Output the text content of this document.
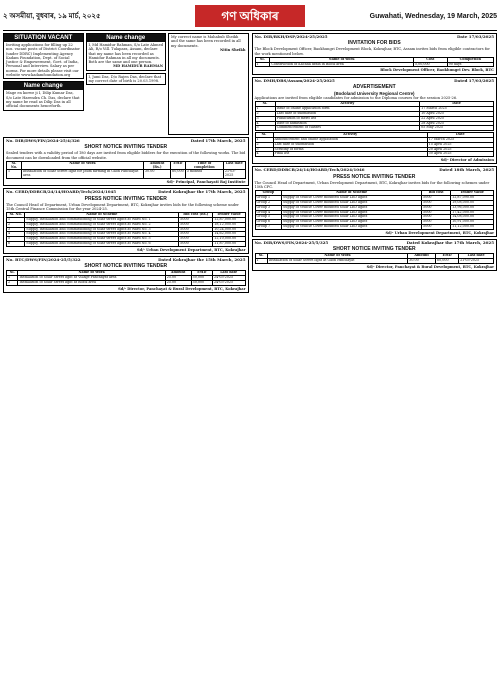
২ অসমীয়া, বুধবাৰ, ১৯ মাৰ্চ, ২০২৫	গণ অধিকাৰ	Guwahati, Wednesday, 19 March, 2025
SITUATION VACANT
Inviting applications for filling up 22 nos. vacant posts of District Coordinator (under DDRC) Implementing Agency Kadam Foundation, Dept. of Social Justice & Empowerment, Govt. of India, Personal and Interview. Salary as per norms. For more details please visit our website www.kadamfoundation.org
Name change
Mage en korwe ji I, Dilip Kumar Das, S/o Late Harendra Ch. Das, declare that my name be read as Dilip Das in all official documents henceforth.
Name change
I, Md Hamidur Rahman, S/o Late Ahmed Ali, R/o Vill. Tulapara, Assam, declare that my name has been recorded as Hamidur Rahman in all my documents. Both are the same and one person.
MD HAMIDUR RAHMAN
I, Jumi Das, D/o Rajen Das, declare that my correct date of birth is 20.03.1998.
My correct name is Mahabub Sheikh and the same has been recorded in all my documents.
Nitin Sheikh
No. DIR/DWS/FIN/2024-25/4/326	Dated 17th March, 2025
SHORT NOTICE INVITING TENDER
Sealed tenders with a validity period of 180 days are invited from eligible bidders for the execution of the following works. The bid document can be downloaded from the official website.
Sl. No.	Name of Work	Amount (Rs.)	EMD	Time of completion	Last date
1	Installation of Solar Street light for Jhum farming in Gaon Panchayat area	30.00	60,000	3 months	21-03-2025
Sd/- Principal, Panchayati Raj Institute
No. CERD/DDRCB/24/14/HOARD/Tech/2024/1045	Dated Kokrajhar the 17th March, 2025
PRESS NOTICE INVITING TENDER
The Council Head of Department, Urban Development Department, BTC, Kokrajhar invites bids for the following scheme under 15th Central Finance Commission for the year 2024-25.
Sl. No.	Name of Scheme	Bid cost (Rs.)	Tender value
1	Supply, installation and commissioning of solar street lights at Ward No. 1	5000	12,87,000.00
2	Supply, installation and commissioning of solar street lights at Ward No. 2	5000	18,12,000.00
3	Supply, installation and commissioning of solar street lights at Ward No. 3	5000	10,24,000.00
4	Supply, installation and commissioning of solar street lights at Ward No. 4	5000	14,62,000.00
5	Supply, installation and commissioning of solar street lights at Ward No. 5	5000	12,10,000.00
6	Supply, installation and commissioning of solar street lights at Ward No. 6	5000	11,87,000.00
Sd/- Urban Development Department, BTC, Kokrajhar
No. BTC/DWS/FIN/2024-25/5/322	Dated Kokrajhar the 15th March, 2025
SHORT NOTICE INVITING TENDER
Sl.	Name of Work	Amount	EMD	Last date
1	Installation of Solar Street light at Village Panchayat area	25.00	50,000	24-03-2025
2	Installation of Solar Street light at Block area	25.00	50,000	24-03-2025
Sd/- Director, Panchayat & Rural Development, BTC, Kokrajhar
No. DIR/BKH/DSP/2024-25/2025	Date 17/03/2025
INVITATION FOR BIDS
The Block Development Officer, Baokhungri Development Block, Kokrajhar, BTC, Assam invites bids from eligible contractors for the work mentioned below.
Sl.	Name of work	Cost	Completion
1	Construction of Kachha drain in Block area	5,00,000	90 days
Block Development Officer, Baokhungri Dev. Block, BTC
No. DMH/DBS/Assam/2024-25/2025	Dated 17/03/2025
ADVERTISEMENT
(Bodoland University Regional Centre)
Applications are invited from eligible candidates for admission to the Diploma courses for the session 2025-26.
Sl.	Activity	Date
1	Issue of online application form	17 March 2025
2	Last date of submission	10 April 2025
3	Publication of merit list	22 April 2025
4	Date of admission	28 April 2025
5	Commencement of classes	05 May 2025
Sl.	Activity	Date
1	Announcement and online application	17 March 2025
2	Last date of submission	15 April 2025
3	Scrutiny of forms	20 April 2025
4	Final list	30 April 2025
Sd/- Director of Admission
No. CERD/DDRCB/24/14/HOARD/Tech/2024/1046	Dated 18th March, 2025
PRESS NOTICE INVITING TENDER
The Council Head of Department, Urban Development Department, BTC, Kokrajhar invites bids for the following schemes under 15th CFC.
Group	Name of Scheme	Bid cost	Tender value
Group 1	Supply of Vehicle Cover mounted Solar LED lights	5000	12,87,090.00
Group 2	Supply of Vehicle Cover mounted Solar LED lights	5000	19,08,000.00
Group 3	Supply of Vehicle Cover mounted Solar LED lights	5000	13,96,000.00
Group 4	Supply of Vehicle Cover mounted Solar LED lights	5000	17,42,000.00
Group 5	Supply of Vehicle Cover mounted Solar LED lights	5000	14,08,000.00
Group 6	Supply of Vehicle Cover mounted Solar LED lights	5000	10,91,000.00
Group 7	Supply of Vehicle Cover mounted Solar LED lights	5000	11,12,000.00
Sd/- Urban Development Department, BTC, Kokrajhar
No. DIR/DWS/FIN/2024-25/5/325	Dated Kokrajhar the 17th March, 2025
SHORT NOTICE INVITING TENDER
Sl.	Name of Work	Amount	EMD	Last date
1	Installation of Solar Street light at Gaon Panchayat	30.00	60,000	21-03-2025
Sd/- Director, Panchayat & Rural Development, BTC, Kokrajhar
